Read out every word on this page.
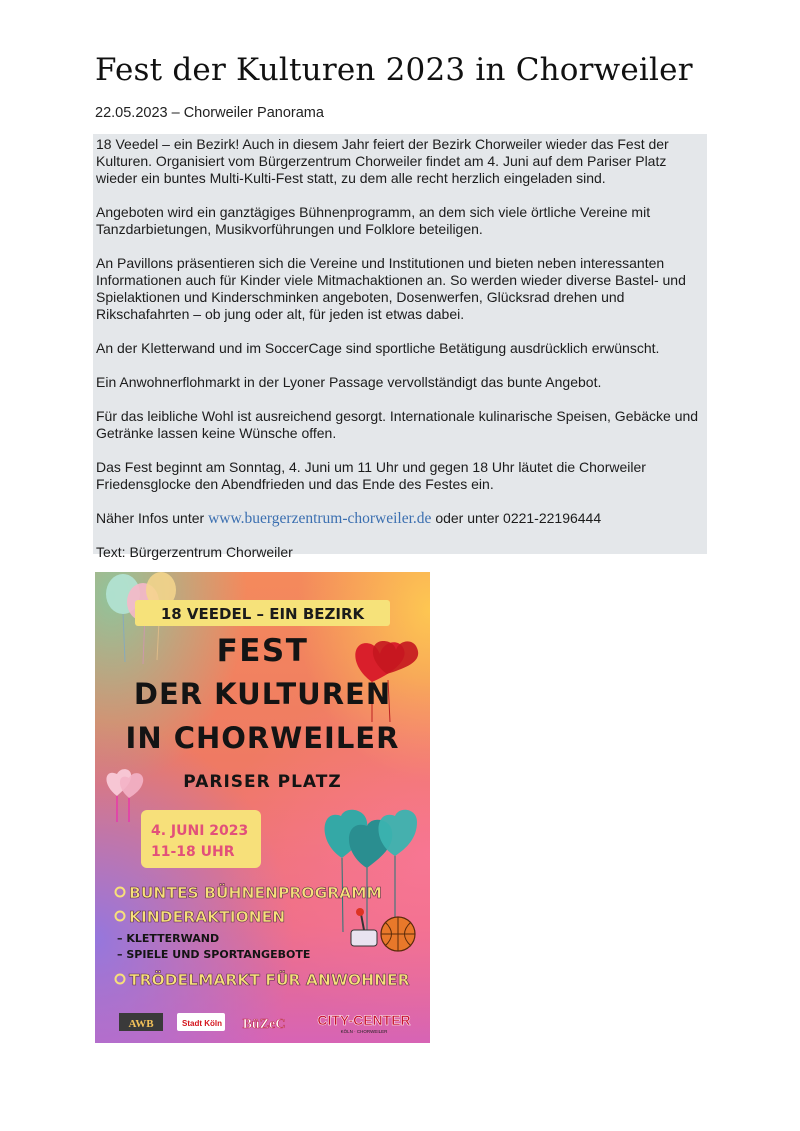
Fest der Kulturen 2023 in Chorweiler
22.05.2023 – Chorweiler Panorama

18 Veedel – ein Bezirk! Auch in diesem Jahr feiert der Bezirk Chorweiler wieder das Fest der Kulturen. Organisiert vom Bürgerzentrum Chorweiler findet am 4. Juni auf dem Pariser Platz wieder ein buntes Multi-Kulti-Fest statt, zu dem alle recht herzlich eingeladen sind.

Angeboten wird ein ganztägiges Bühnenprogramm, an dem sich viele örtliche Vereine mit Tanzdarbietungen, Musikvorführungen und Folklore beteiligen.

An Pavillons präsentieren sich die Vereine und Institutionen und bieten neben interessanten Informationen auch für Kinder viele Mitmachaktionen an. So werden wieder diverse Bastel- und Spielaktionen und Kinderschminken angeboten, Dosenwerfen, Glücksrad drehen und Rikschafahrten – ob jung oder alt, für jeden ist etwas dabei.

An der Kletterwand und im SoccerCage sind sportliche Betätigung ausdrücklich erwünscht.

Ein Anwohnerflohmarkt in der Lyoner Passage vervollständigt das bunte Angebot.

Für das leibliche Wohl ist ausreichend gesorgt. Internationale kulinarische Speisen, Gebäcke und Getränke lassen keine Wünsche offen.

Das Fest beginnt am Sonntag, 4. Juni um 11 Uhr und gegen 18 Uhr läutet die Chorweiler Friedensglocke den Abendfrieden und das Ende des Festes ein.

Näher Infos unter www.buergerzentrum-chorweiler.de oder unter 0221-22196444

Text: Bürgerzentrum Chorweiler

18 VEEDEL – EIN BEZIRK
FEST
DER KULTUREN
IN CHORWEILER
PARISER PLATZ
4. JUNI 2023
11-18 UHR
BUNTES BÜHNENPROGRAMM
KINDERAKTIONEN
– KLETTERWAND
– SPIELE UND SPORTANGEBOTE
TRÖDELMARKT FÜR ANWOHNER
AWB	Stadt Köln BüZeC CITY-CENTER
KÖLN · CHORWEILER
